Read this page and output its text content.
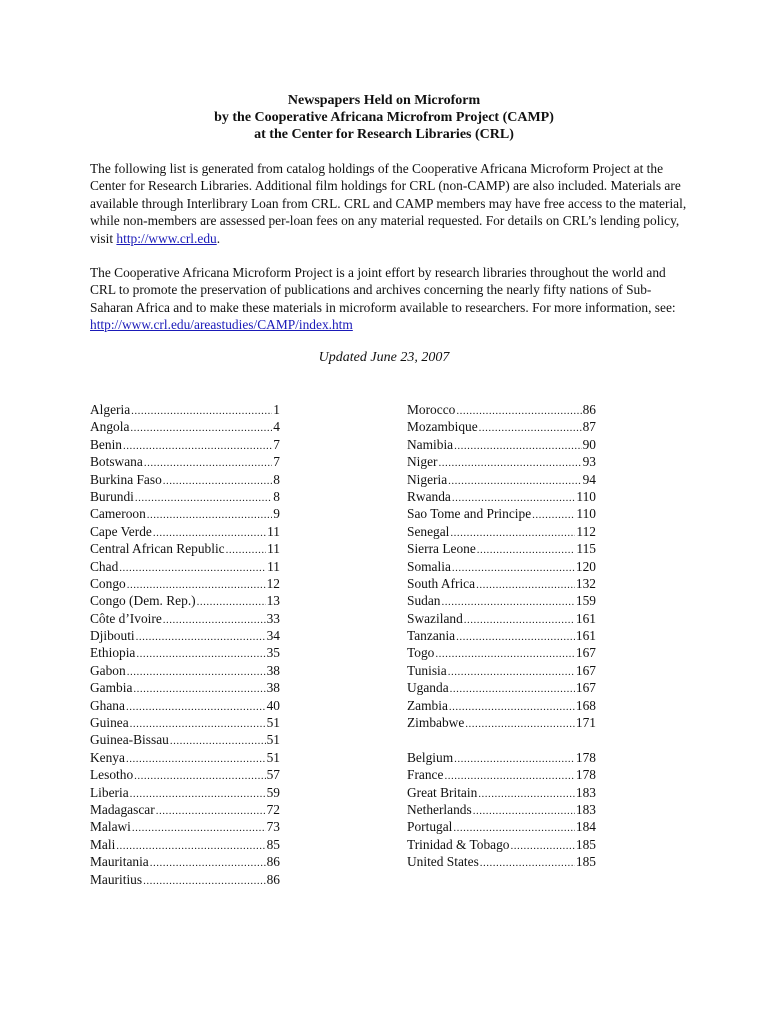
Newspapers Held on Microform
by the Cooperative Africana Microfrom Project (CAMP)
at the Center for Research Libraries (CRL)

The following list is generated from catalog holdings of the Cooperative Africana Microform Project at the Center for Research Libraries. Additional film holdings for CRL (non-CAMP) are also included. Materials are available through Interlibrary Loan from CRL. CRL and CAMP members may have free access to the material, while non-members are assessed per-loan fees on any material requested. For details on CRL’s lending policy, visit http://www.crl.edu.

The Cooperative Africana Microform Project is a joint effort by research libraries throughout the world and CRL to promote the preservation of publications and archives concerning the nearly fifty nations of Sub-Saharan Africa and to make these materials in microform available to researchers. For more information, see: http://www.crl.edu/areastudies/CAMP/index.htm

Updated June 23, 2007
Algeria .....	1
Angola .....	4
Benin .....	7
Botswana .....	7
Burkina Faso .....	8
Burundi .....	8
Cameroon .....	9
Cape Verde .....	11
Central African Republic .....	11
Chad .....	11
Congo .....	12
Congo (Dem. Rep.) .....	13
Côte d’Ivoire .....	33
Djibouti .....	34
Ethiopia .....	35
Gabon .....	38
Gambia .....	38
Ghana .....	40
Guinea .....	51
Guinea-Bissau .....	51
Kenya .....	51
Lesotho .....	57
Liberia .....	59
Madagascar .....	72
Malawi .....	73
Mali .....	85
Mauritania .....	86
Mauritius .....	86
Morocco .....	86
Mozambique .....	87
Namibia .....	90
Niger .....	93
Nigeria .....	94
Rwanda .....	110
Sao Tome and Principe .....	110
Senegal .....	112
Sierra Leone .....	115
Somalia .....	120
South Africa .....	132
Sudan .....	159
Swaziland .....	161
Tanzania .....	161
Togo .....	167
Tunisia .....	167
Uganda .....	167
Zambia .....	168
Zimbabwe .....	171
Belgium .....	178
France .....	178
Great Britain .....	183
Netherlands .....	183
Portugal .....	184
Trinidad & Tobago .....	185
United States .....	185
